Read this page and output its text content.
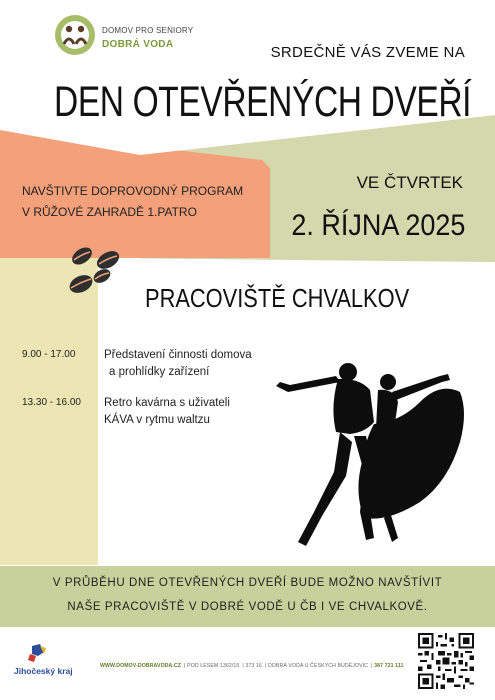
DOMOV PRO SENIORY
DOBRÁ VODA	SRDEČNĚ VÁS ZVEME NA
DEN OTEVŘENÝCH DVEŘÍ
NAVŠTIVTE DOPROVODNÝ PROGRAM
V RŮŽOVÉ ZAHRADĚ 1.PATRO
VE ČTVRTEK
2. ŘÍJNA 2025
PRACOVIŠTĚ CHVALKOV
9.00 - 17.00 Představení činnosti domova
a prohlídky zařízení
13.30 - 16.00 Retro kavárna s uživateli
KÁVA v rytmu waltzu
V PRŮBĚHU DNE OTEVŘENÝCH DVEŘÍ BUDE MOŽNO NAVŠTÍVIT
NAŠE PRACOVIŠTĚ V DOBRÉ VODĚ U ČB I VE CHVALKOVĚ.
Jihočeský kraj	WWW.DOMOV-DOBRAVODA.CZ  | POD LESEM 1362/15  | 373 16  | DOBRÁ VODA U ČESKÝCH BUDĚJOVIC  | 387 721 111
